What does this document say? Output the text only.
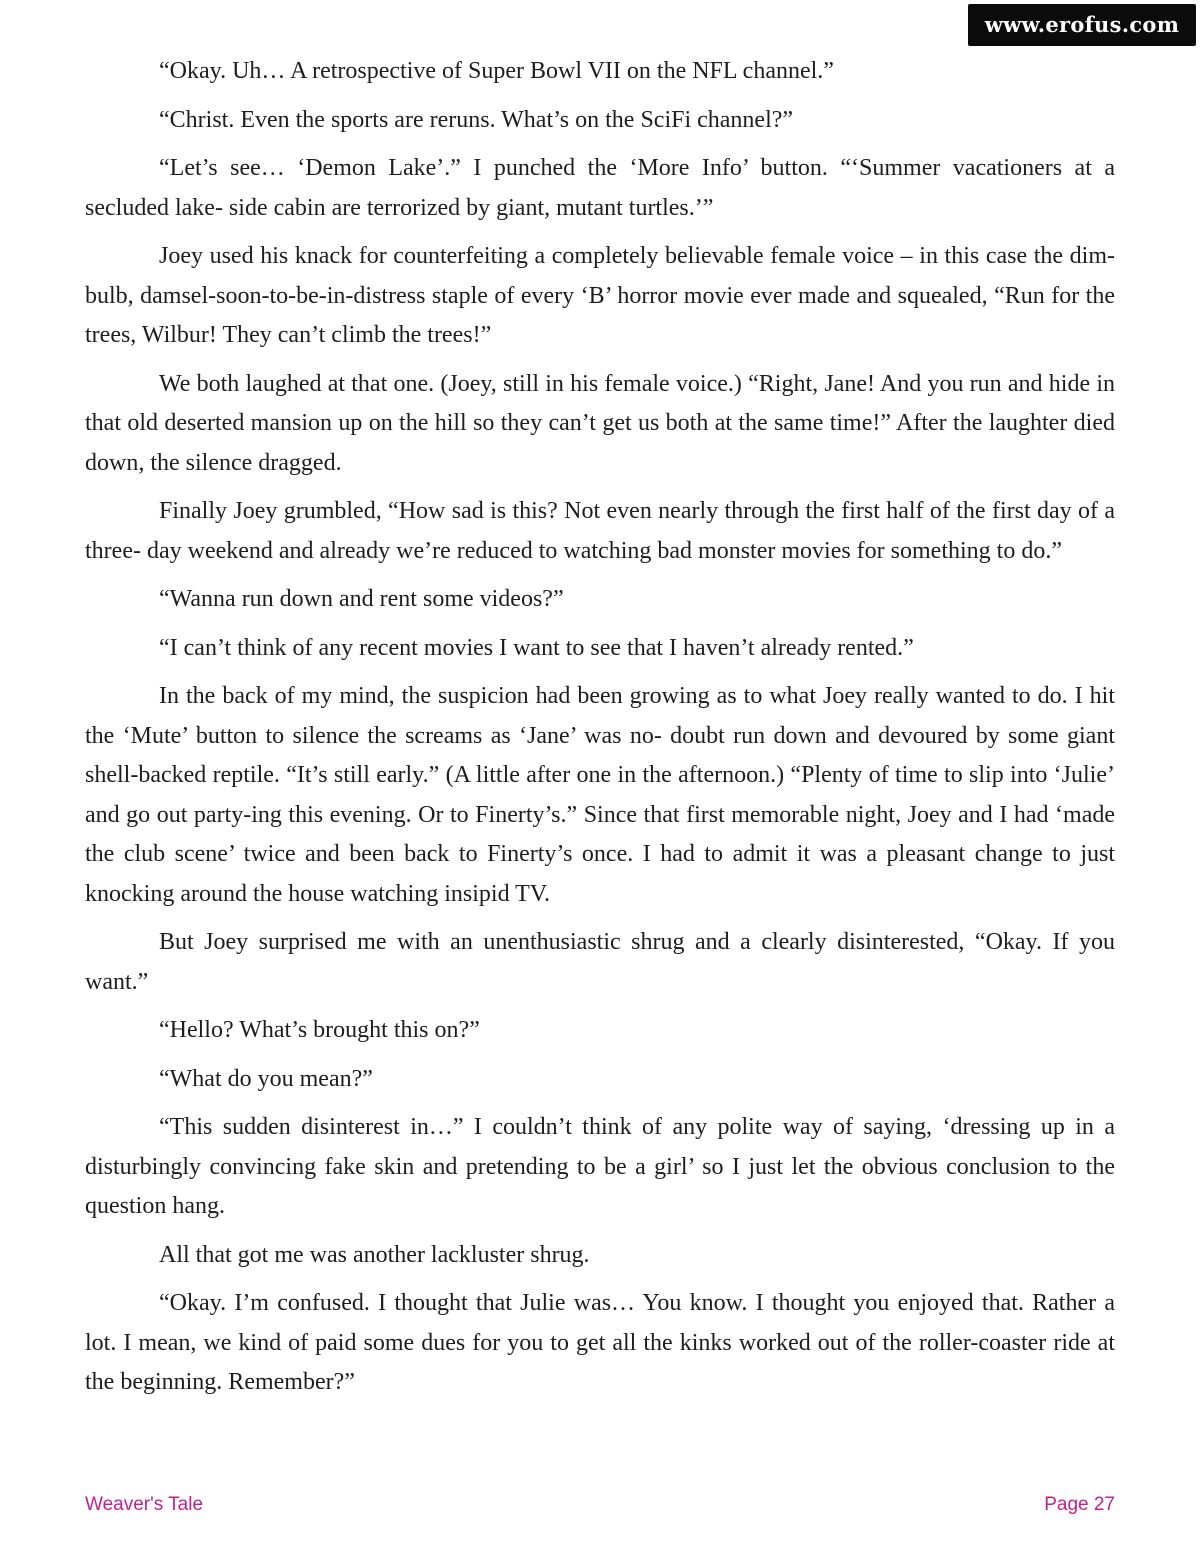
www.erofus.com

“Okay. Uh… A retrospective of Super Bowl VII on the NFL channel.”

“Christ. Even the sports are reruns. What’s on the SciFi channel?”

“Let’s see… ‘Demon Lake’.” I punched the ‘More Info’ button. “‘Summer vacationers at a secluded lake- side cabin are terrorized by giant, mutant turtles.’”

Joey used his knack for counterfeiting a completely believable female voice – in this case the dim-bulb, damsel-soon-to-be-in-distress staple of every ‘B’ horror movie ever made and squealed, “Run for the trees, Wilbur! They can’t climb the trees!”

We both laughed at that one. (Joey, still in his female voice.) “Right, Jane! And you run and hide in that old deserted mansion up on the hill so they can’t get us both at the same time!” After the laughter died down, the silence dragged.

Finally Joey grumbled, “How sad is this? Not even nearly through the first half of the first day of a three- day weekend and already we’re reduced to watching bad monster movies for something to do.”

“Wanna run down and rent some videos?”

“I can’t think of any recent movies I want to see that I haven’t already rented.”

In the back of my mind, the suspicion had been growing as to what Joey really wanted to do. I hit the ‘Mute’ button to silence the screams as ‘Jane’ was no- doubt run down and devoured by some giant shell-backed reptile. “It’s still early.” (A little after one in the afternoon.) “Plenty of time to slip into ‘Julie’ and go out party-ing this evening. Or to Finerty’s.” Since that first memorable night, Joey and I had ‘made the club scene’ twice and been back to Finerty’s once. I had to admit it was a pleasant change to just knocking around the house watching insipid TV.

But Joey surprised me with an unenthusiastic shrug and a clearly disinterested, “Okay. If you want.”

“Hello? What’s brought this on?”

“What do you mean?”

“This sudden disinterest in…” I couldn’t think of any polite way of saying, ‘dressing up in a disturbingly convincing fake skin and pretending to be a girl’ so I just let the obvious conclusion to the question hang.

All that got me was another lackluster shrug.

“Okay. I’m confused. I thought that Julie was… You know. I thought you enjoyed that. Rather a lot. I mean, we kind of paid some dues for you to get all the kinks worked out of the roller-coaster ride at the beginning. Remember?”

Weaver's Tale	Page 27
